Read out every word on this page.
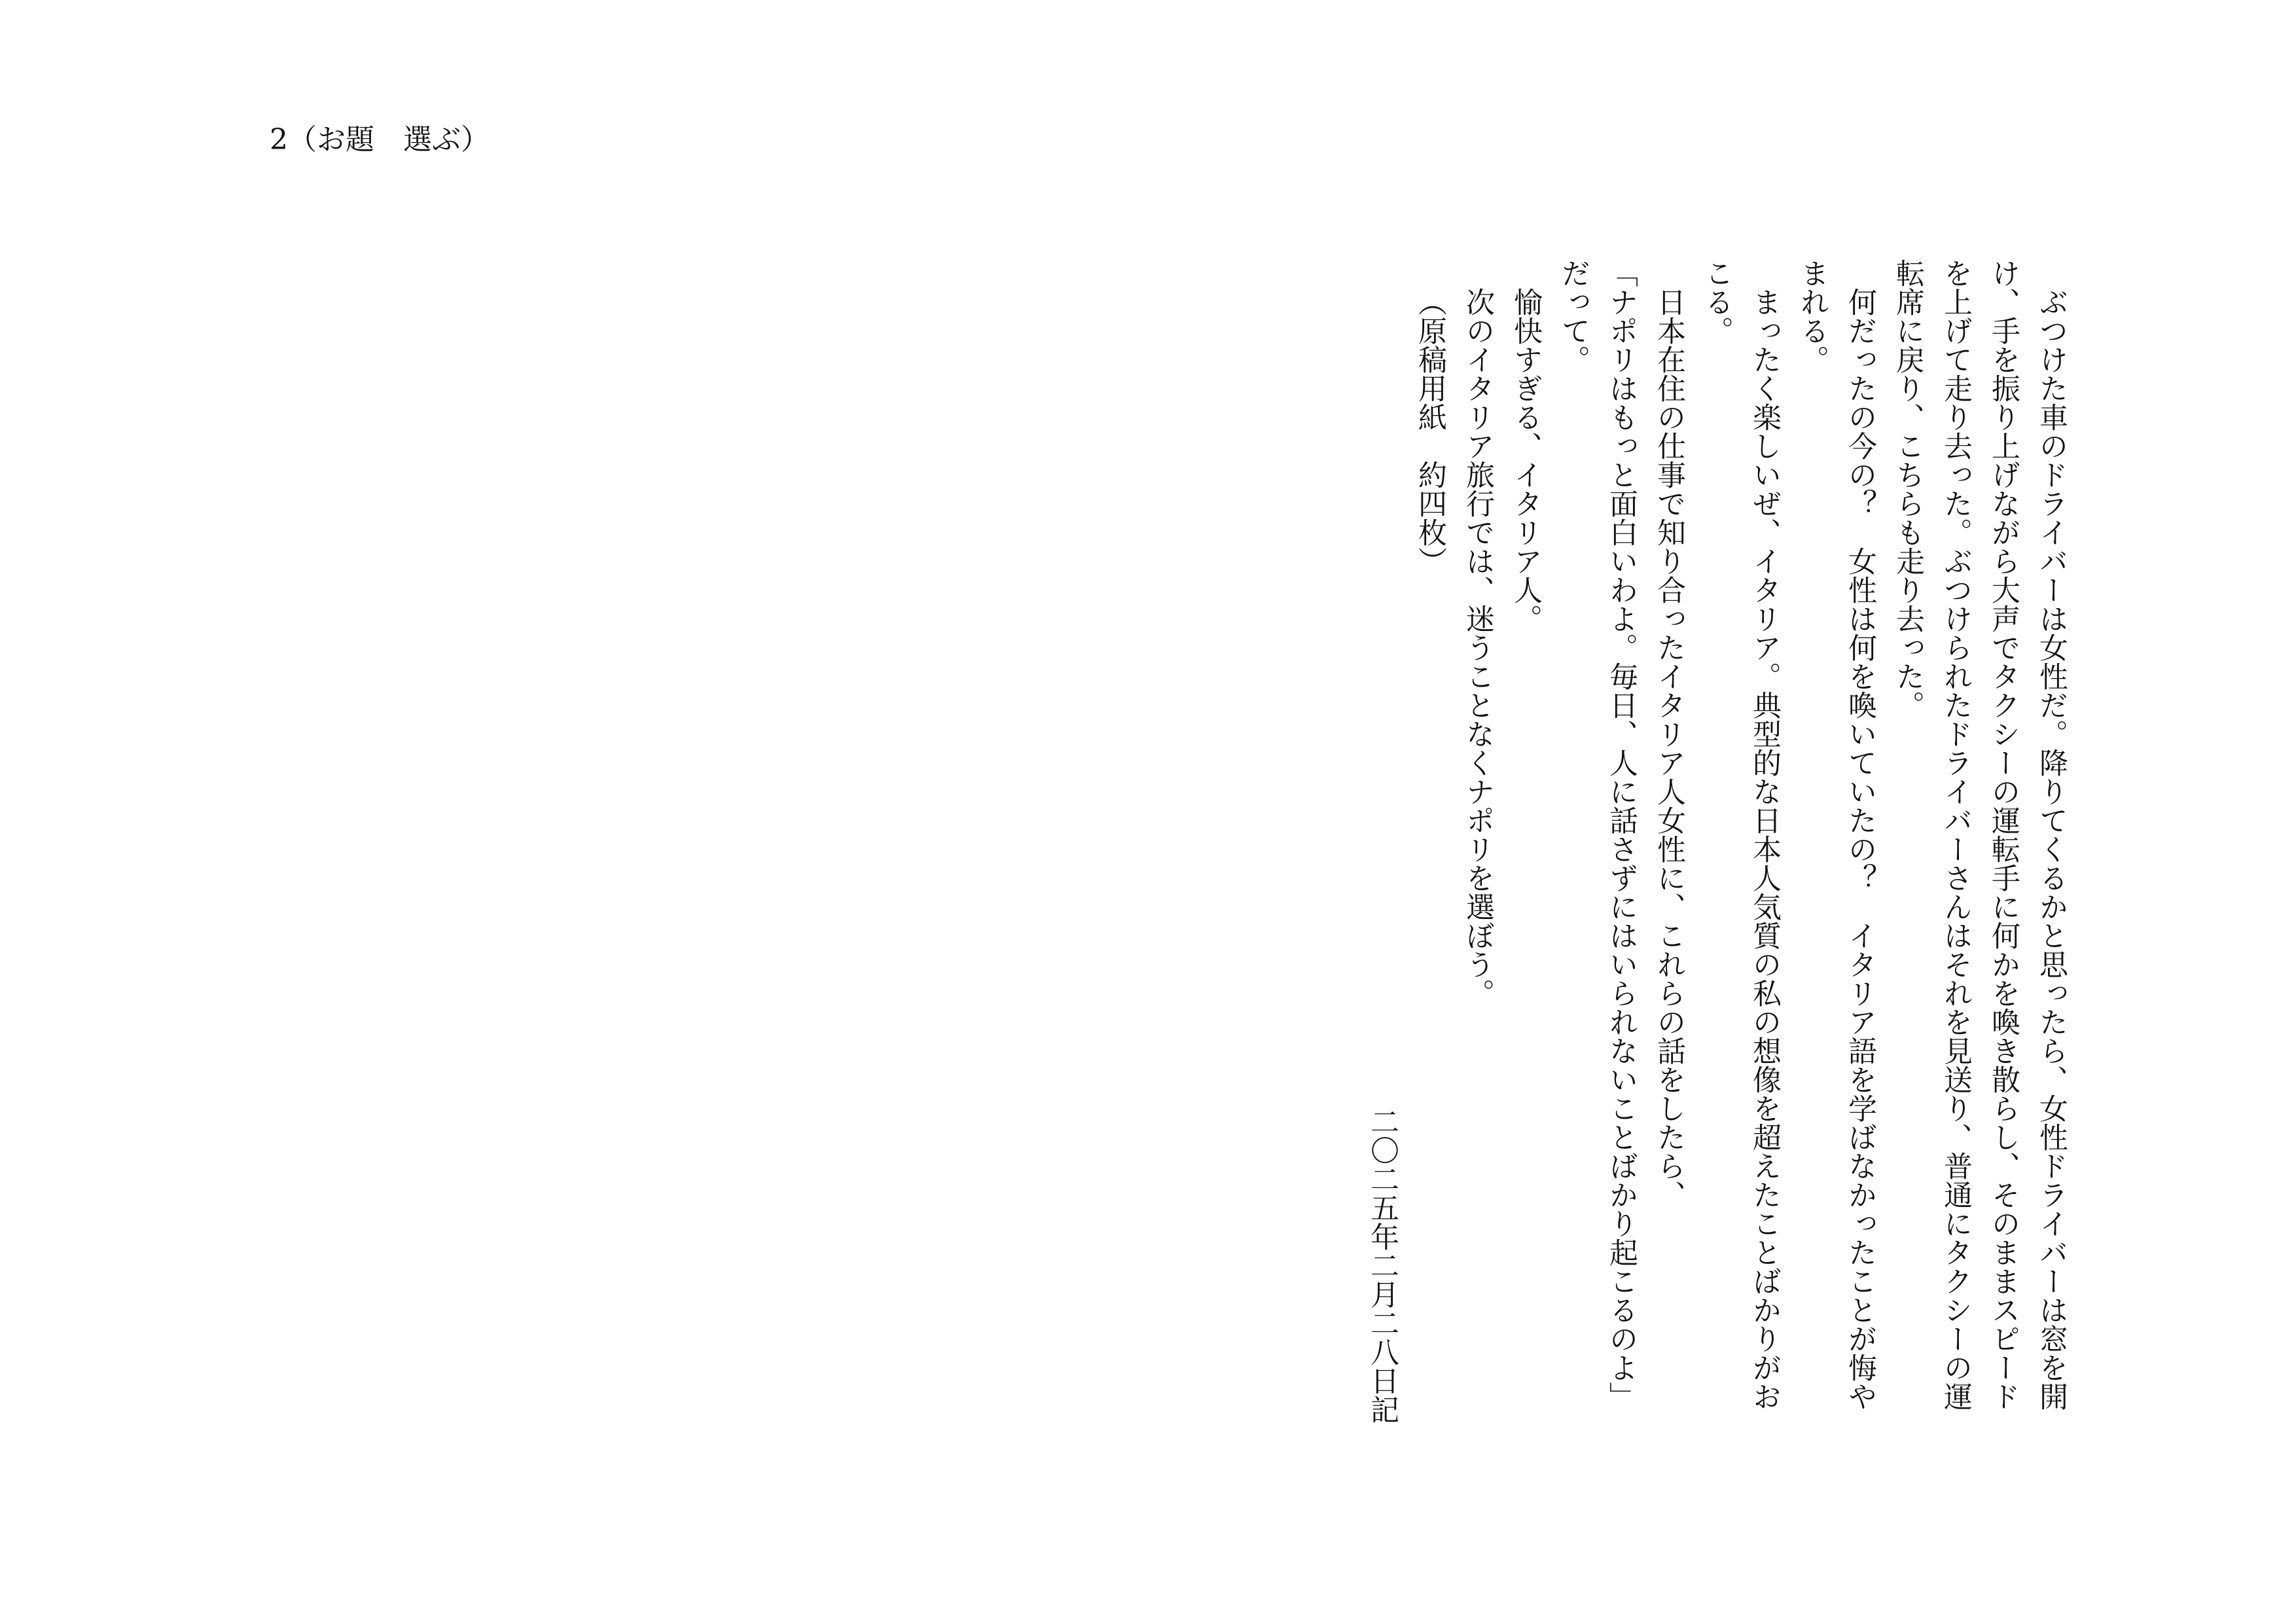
2（お題　選ぶ）

ぶつけた車のドライバーは女性だ。降りてくるかと思ったら、女性ドライバーは窓を開け、手を振り上げながら大声でタクシーの運転手に何かを喚き散らし、そのままスピードを上げて走り去った。ぶつけられたドライバーさんはそれを見送り、普通にタクシーの運転席に戻り、こちらも走り去った。

何だったの今の？　女性は何を喚いていたの？　イタリア語を学ばなかったことが悔やまれる。

まったく楽しいぜ、イタリア。典型的な日本人気質の私の想像を超えたことばかりがおこる。

日本在住の仕事で知り合ったイタリア人女性に、これらの話をしたら、

「ナポリはもっと面白いわよ。毎日、人に話さずにはいられないことばかり起こるのよ」だって。

愉快すぎる、イタリア人。

次のイタリア旅行では、迷うことなくナポリを選ぼう。

（原稿用紙　約四枚）

二〇二五年二月二八日記
